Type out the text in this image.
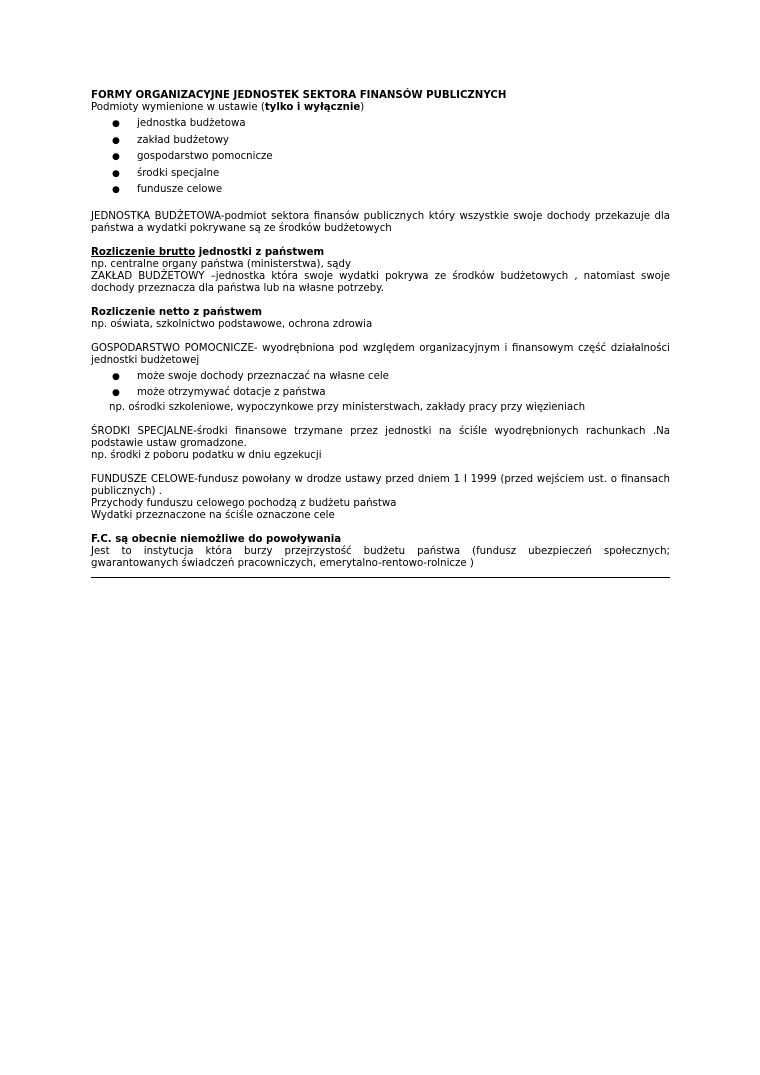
FORMY ORGANIZACYJNE JEDNOSTEK SEKTORA FINANSÓW PUBLICZNYCH

Podmioty wymienione w ustawie (tylko i wyłącznie)

● jednostka budżetowa
● zakład budżetowy
● gospodarstwo pomocnicze
● środki specjalne
● fundusze celowe

JEDNOSTKA BUDŻETOWA-podmiot sektora finansów publicznych który wszystkie swoje dochody przekazuje dla państwa a wydatki pokrywane są ze środków budżetowych

Rozliczenie brutto jednostki z państwem

np. centralne organy państwa (ministerstwa), sądy

ZAKŁAD BUDŻETOWY –jednostka która swoje wydatki pokrywa ze środków budżetowych , natomiast swoje dochody przeznacza dla państwa lub na własne potrzeby.

Rozliczenie netto z państwem

np. oświata, szkolnictwo podstawowe, ochrona zdrowia

GOSPODARSTWO POMOCNICZE- wyodrębniona pod względem organizacyjnym i finansowym część działalności jednostki budżetowej

● może swoje dochody przeznaczać na własne cele
● może otrzymywać dotacje z państwa

np. ośrodki szkoleniowe, wypoczynkowe przy ministerstwach, zakłady pracy przy więzieniach

ŚRODKI SPECJALNE-środki finansowe trzymane przez jednostki na ściśle wyodrębnionych rachunkach .Na podstawie ustaw gromadzone.

np. środki z poboru podatku w dniu egzekucji

FUNDUSZE CELOWE-fundusz powołany w drodze ustawy przed dniem 1 I 1999 (przed wejściem ust. o finansach publicznych) .

Przychody funduszu celowego pochodzą z budżetu państwa

Wydatki przeznaczone na ściśle oznaczone cele

F.C. są obecnie niemożliwe do powoływania

Jest to instytucja która burzy przejrzystość budżetu państwa (fundusz ubezpieczeń społecznych; gwarantowanych świadczeń pracowniczych, emerytalno-rentowo-rolnicze )
